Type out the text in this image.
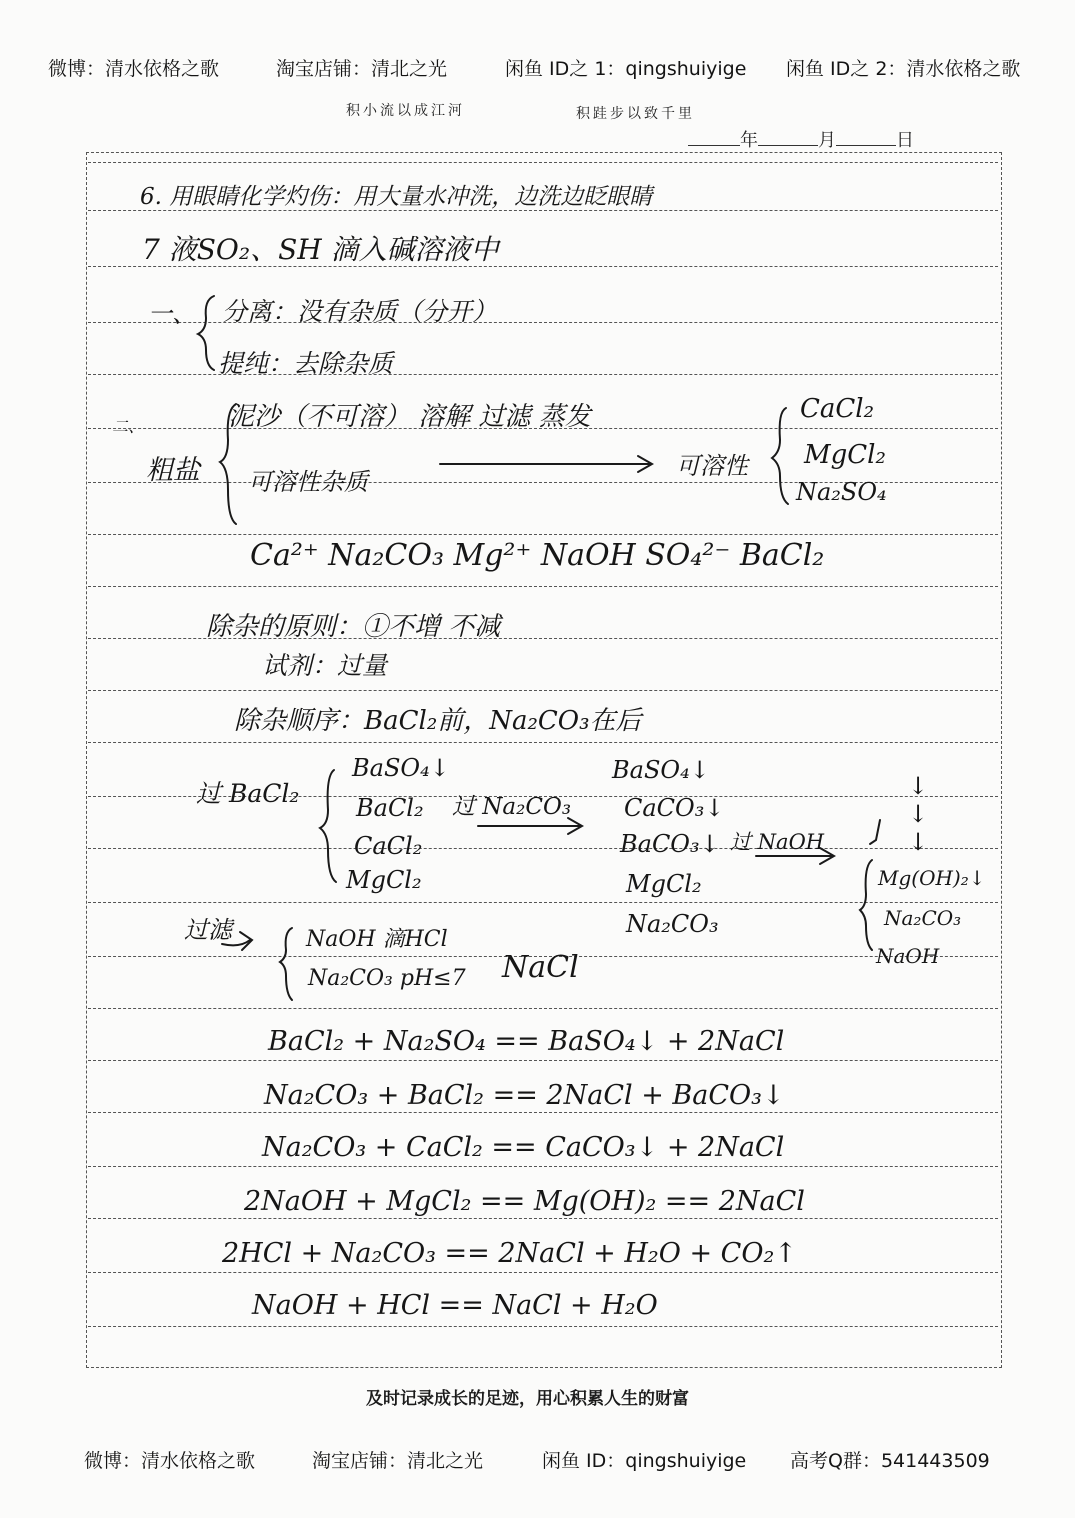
微博：清水依格之歌	淘宝店铺：清北之光	闲鱼 ID之 1：qingshuiyige 闲鱼 ID之 2：清水依格之歌
积小流以成江河	积跬步以致千里
年	月	日
6. 用眼睛化学灼伤：用大量水冲洗，边洗边眨眼睛
7 液SO₂、SH 滴入碱溶液中
一、 分离：没有杂质（分开）
提纯：去除杂质
二、
粗盐
泥沙（不可溶） 溶解 过滤 蒸发
可溶性杂质
可溶性
CaCl₂
MgCl₂
Na₂SO₄
Ca²⁺ Na₂CO₃ Mg²⁺ NaOH SO₄²⁻ BaCl₂
除杂的原则：①不增 不减
试剂：过量
除杂顺序：BaCl₂前，Na₂CO₃在后
过 BaCl₂
BaSO₄↓
BaCl₂
CaCl₂
MgCl₂
过 Na₂CO₃
BaSO₄↓
CaCO₃↓
BaCO₃↓
MgCl₂
Na₂CO₃
过 NaOH
↓
↓
↓
Mg(OH)₂↓
Na₂CO₃
NaOH
过滤	NaOH 滴HCl
Na₂CO₃ pH≤7 NaCl
BaCl₂ + Na₂SO₄ == BaSO₄↓ + 2NaCl
Na₂CO₃ + BaCl₂ == 2NaCl + BaCO₃↓
Na₂CO₃ + CaCl₂ == CaCO₃↓ + 2NaCl
2NaOH + MgCl₂ == Mg(OH)₂ == 2NaCl
2HCl + Na₂CO₃ == 2NaCl + H₂O + CO₂↑
NaOH + HCl == NaCl + H₂O
及时记录成长的足迹，用心积累人生的财富
微博：清水依格之歌	淘宝店铺：清北之光	闲鱼 ID：qingshuiyige 高考Q群：541443509
